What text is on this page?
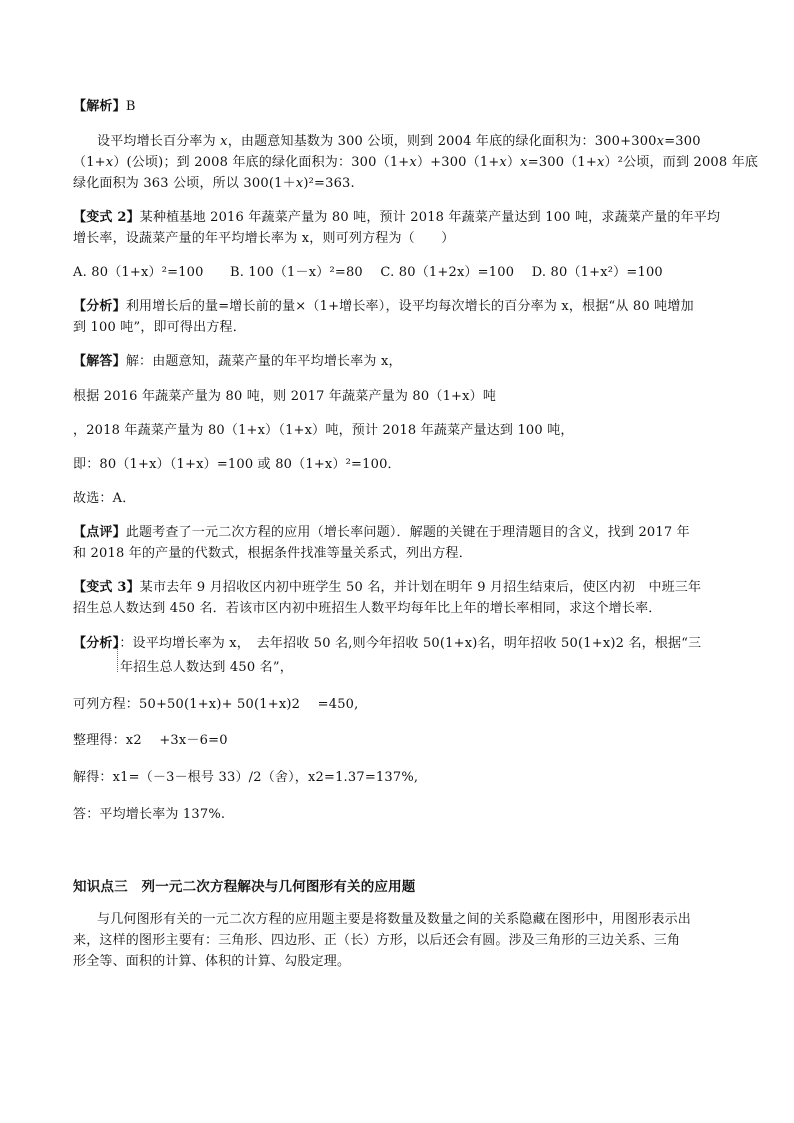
【解析】B
设平均增长百分率为 x，由题意知基数为 300 公顷，则到 2004 年底的绿化面积为：300+300x=300
（1+x）(公顷)；到 2008 年底的绿化面积为：300（1+x）+300（1+x）x=300（1+x）²公顷，而到 2008 年底
绿化面积为 363 公顷，所以 300(1＋x)²=363.
【变式 2】某种植基地 2016 年蔬菜产量为 80 吨，预计 2018 年蔬菜产量达到 100 吨，求蔬菜产量的年平均
增长率，设蔬菜产量的年平均增长率为 x，则可列方程为（　　）
A. 80（1+x）²=100　　B. 100（1－x）²=80　 C. 80（1+2x）=100　 D. 80（1+x²）=100
【分析】利用增长后的量=增长前的量×（1+增长率），设平均每次增长的百分率为 x，根据“从 80 吨增加
到 100 吨”，即可得出方程．
【解答】解：由题意知，蔬菜产量的年平均增长率为 x，
根据 2016 年蔬菜产量为 80 吨，则 2017 年蔬菜产量为 80（1+x）吨
，2018 年蔬菜产量为 80（1+x）（1+x）吨，预计 2018 年蔬菜产量达到 100 吨，
即：80（1+x）（1+x）=100 或 80（1+x）²=100．
故选：A．
【点评】此题考查了一元二次方程的应用（增长率问题）．解题的关键在于理清题目的含义，找到 2017 年
和 2018 年的产量的代数式，根据条件找准等量关系式，列出方程．
【变式 3】某市去年 9 月招收区内初中班学生 50 名，并计划在明年 9 月招生结束后，使区内初　中班三年
招生总人数达到 450 名．若该市区内初中班招生人数平均每年比上年的增长率相同，求这个增长率．
【分析】：设平均增长率为 x，　去年招收 50 名,则今年招收 50(1+x)名，明年招收 50(1+x)2 名，根据“三
年招生总人数达到 450 名”，
可列方程：50+50(1+x)+ 50(1+x)2 　=450,
整理得：x2 　+3x－6=0
解得：x1=（－3－根号 33）/2（舍），x2=1.37=137%,
答：平均增长率为 137%.
知识点三　列一元二次方程解决与几何图形有关的应用题
与几何图形有关的一元二次方程的应用题主要是将数量及数量之间的关系隐藏在图形中，用图形表示出
来，这样的图形主要有：三角形、四边形、正（长）方形，以后还会有圆。涉及三角形的三边关系、三角
形全等、面积的计算、体积的计算、勾股定理。
